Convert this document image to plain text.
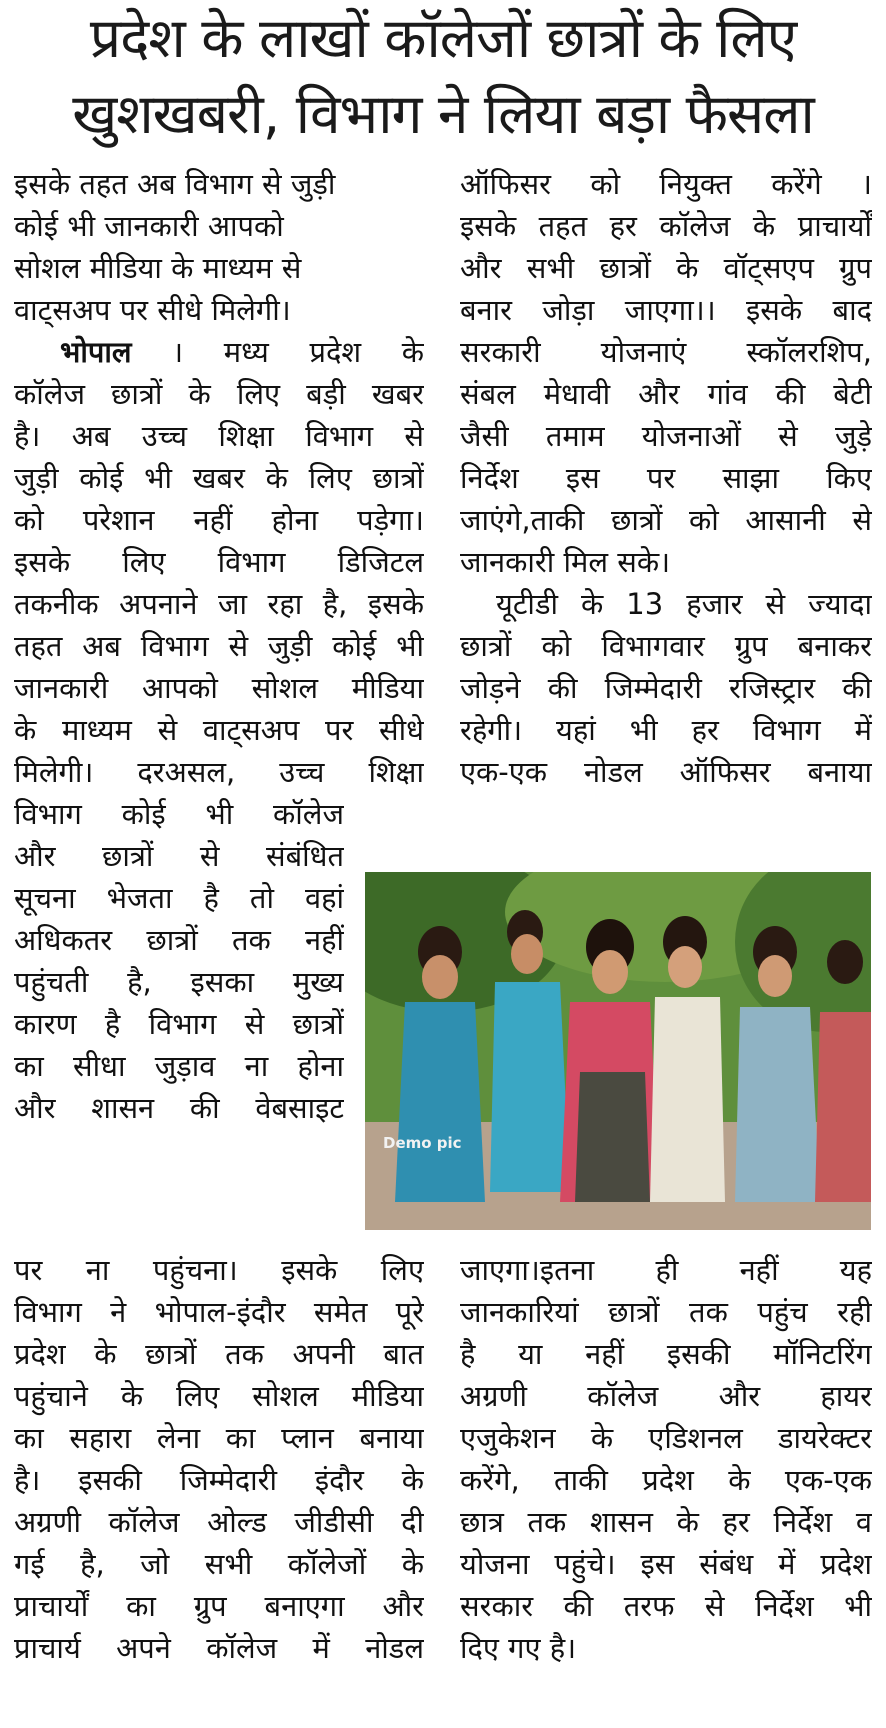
प्रदेश के लाखों कॉलेजों छात्रों के लिए
खुशखबरी, विभाग ने लिया बड़ा फैसला
इसके तहत अब विभाग से जुड़ी
कोई भी जानकारी आपको
सोशल मीडिया के माध्यम से
वाट्सअप पर सीधे मिलेगी।
भोपाल । मध्य प्रदेश के
कॉलेज छात्रों के लिए बड़ी खबर
है। अब उच्च शिक्षा विभाग से
जुड़ी कोई भी खबर के लिए छात्रों
को परेशान नहीं होना पड़ेगा।
इसके लिए विभाग डिजिटल
तकनीक अपनाने जा रहा है, इसके
तहत अब विभाग से जुड़ी कोई भी
जानकारी आपको सोशल मीडिया
के माध्यम से वाट्सअप पर सीधे
मिलेगी। दरअसल, उच्च शिक्षा
विभाग कोई भी कॉलेज
और छात्रों से संबंधित
सूचना भेजता है तो वहां
अधिकतर छात्रों तक नहीं
पहुंचती है, इसका मुख्य
कारण है विभाग से छात्रों
का सीधा जुड़ाव ना होना
और शासन की वेबसाइट
पर ना पहुंचना। इसके लिए
विभाग ने भोपाल-इंदौर समेत पूरे
प्रदेश के छात्रों तक अपनी बात
पहुंचाने के लिए सोशल मीडिया
का सहारा लेना का प्लान बनाया
है। इसकी जिम्मेदारी इंदौर के
अग्रणी कॉलेज ओल्ड जीडीसी दी
गई है, जो सभी कॉलेजों के
प्राचार्यों का ग्रुप बनाएगा और
प्राचार्य अपने कॉलेज में नोडल
ऑफिसर को नियुक्त करेंगे ।
इसके तहत हर कॉलेज के प्राचार्यों
और सभी छात्रों के वॉट्सएप ग्रुप
बनार जोड़ा जाएगा।। इसके बाद
सरकारी योजनाएं स्कॉलरशिप,
संबल मेधावी और गांव की बेटी
जैसी तमाम योजनाओं से जुड़े
निर्देश इस पर साझा किए
जाएंगे,ताकी छात्रों को आसानी से
जानकारी मिल सके।
यूटीडी के 13 हजार से ज्यादा
छात्रों को विभागवार ग्रुप बनाकर
जोड़ने की जिम्मेदारी रजिस्ट्रार की
रहेगी। यहां भी हर विभाग में
एक-एक नोडल ऑफिसर बनाया
Demo pic
जाएगा।इतना ही नहीं यह
जानकारियां छात्रों तक पहुंच रही
है या नहीं इसकी मॉनिटरिंग
अग्रणी कॉलेज और हायर
एजुकेशन के एडिशनल डायरेक्टर
करेंगे, ताकी प्रदेश के एक-एक
छात्र तक शासन के हर निर्देश व
योजना पहुंचे। इस संबंध में प्रदेश
सरकार की तरफ से निर्देश भी
दिए गए है।
